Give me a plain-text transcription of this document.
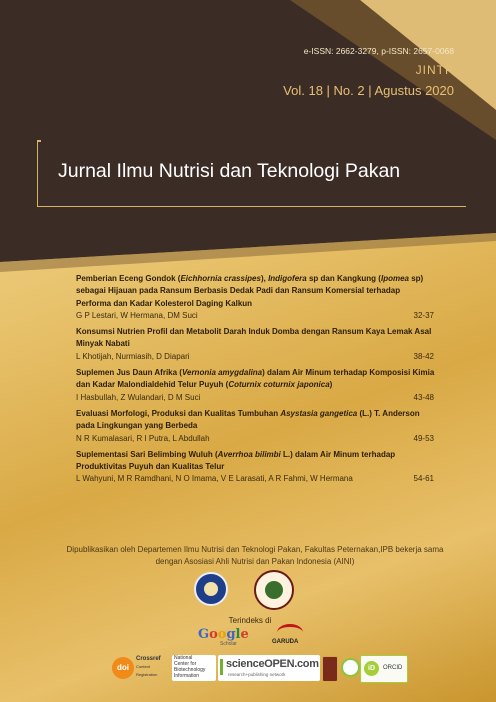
e-ISSN: 2662-3279, p-ISSN: 2657-0068
JINTP
Vol. 18 | No. 2 | Agustus 2020
Jurnal Ilmu Nutrisi dan Teknologi Pakan
Pemberian Eceng Gondok (Eichhornia crassipes), Indigofera sp dan Kangkung (Ipomea sp) sebagai Hijauan pada Ransum Berbasis Dedak Padi dan Ransum Komersial terhadap Performa dan Kadar Kolesterol Daging Kalkun
G P Lestari, W Hermana, DM Suci	32-37
Konsumsi Nutrien Profil dan Metabolit Darah Induk Domba dengan Ransum Kaya Lemak Asal Minyak Nabati
L Khotijah, Nurmiasih, D Diapari	38-42
Suplemen Jus Daun Afrika (Vernonia amygdalina) dalam Air Minum terhadap Komposisi Kimia dan Kadar Malondialdehid Telur Puyuh (Coturnix coturnix japonica)
I Hasbullah, Z Wulandari, D M Suci	43-48
Evaluasi Morfologi, Produksi dan Kualitas Tumbuhan Asystasia gangetica (L.) T. Anderson pada Lingkungan yang Berbeda
N R Kumalasari, R I Putra, L Abdullah	49-53
Suplementasi Sari Belimbing Wuluh (Averrhoa bilimbi L.) dalam Air Minum terhadap Produktivitas Puyuh dan Kualitas Telur
L Wahyuni, M R Ramdhani, N O Imama, V E Larasati, A R Fahmi, W Hermana	54-61
Dipublikasikan oleh Departemen Ilmu Nutrisi dan Teknologi Pakan, Fakultas Peternakan,IPB bekerja sama dengan Asosiasi Ahli Nutrisi dan Pakan Indonesia (AINI)
Terindeks di
Google
Scholar	GARUDA
doi
Crossref
Content Registration
National
Center for
Biotechnology
Information
scienceOPEN.com
research+publishing network
iD	ORCID
